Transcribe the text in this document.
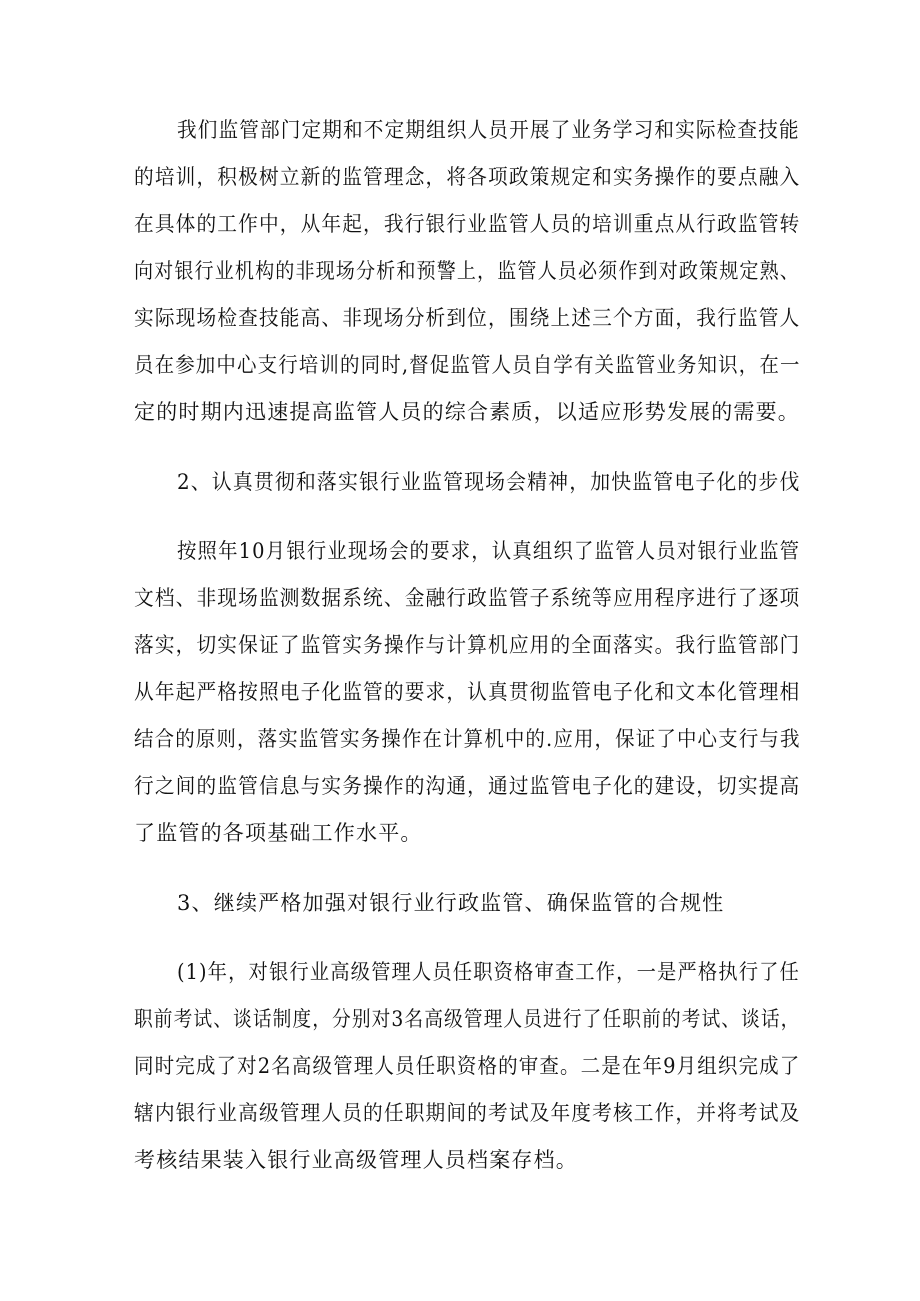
我们监管部门定期和不定期组织人员开展了业务学习和实际检查技能
的培训，积极树立新的监管理念，将各项政策规定和实务操作的要点融入
在具体的工作中，从年起，我行银行业监管人员的培训重点从行政监管转
向对银行业机构的非现场分析和预警上，监管人员必须作到对政策规定熟、
实际现场检查技能高、非现场分析到位，围绕上述三个方面，我行监管人
员在参加中心支行培训的同时,督促监管人员自学有关监管业务知识，在一
定的时期内迅速提高监管人员的综合素质，以适应形势发展的需要。
2、认真贯彻和落实银行业监管现场会精神，加快监管电子化的步伐
按照年10月银行业现场会的要求，认真组织了监管人员对银行业监管
文档、非现场监测数据系统、金融行政监管子系统等应用程序进行了逐项
落实，切实保证了监管实务操作与计算机应用的全面落实。我行监管部门
从年起严格按照电子化监管的要求，认真贯彻监管电子化和文本化管理相
结合的原则，落实监管实务操作在计算机中的.应用，保证了中心支行与我
行之间的监管信息与实务操作的沟通，通过监管电子化的建设，切实提高
了监管的各项基础工作水平。
3、继续严格加强对银行业行政监管、确保监管的合规性
(1)年，对银行业高级管理人员任职资格审查工作，一是严格执行了任
职前考试、谈话制度，分别对3名高级管理人员进行了任职前的考试、谈话，
同时完成了对2名高级管理人员任职资格的审查。二是在年9月组织完成了
辖内银行业高级管理人员的任职期间的考试及年度考核工作，并将考试及
考核结果装入银行业高级管理人员档案存档。
